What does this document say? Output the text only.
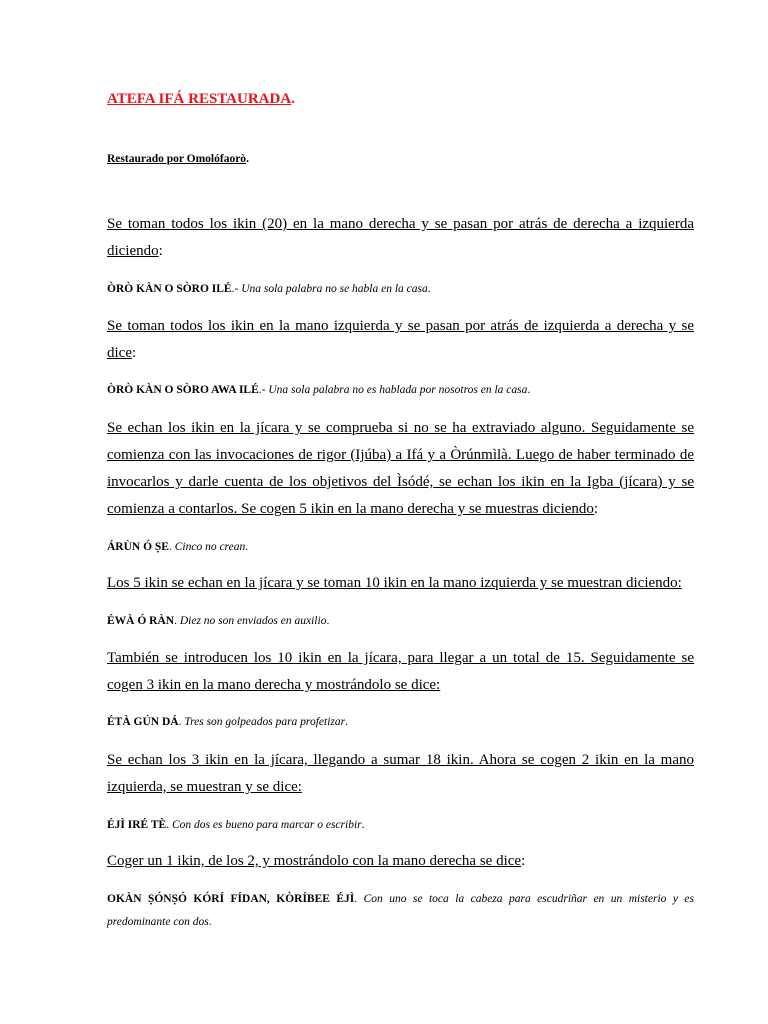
ATEFA IFÁ RESTAURADA.
Restaurado por Omolófaorò.
Se toman todos los ikin (20) en la mano derecha y se pasan por atrás de derecha a izquierda diciendo:
ÒRÒ KÀN O SÒRO ILÉ.- Una sola palabra no se habla en la casa.
Se toman todos los ikin en la mano izquierda y se pasan por atrás de izquierda a derecha y se dice:
ÒRÒ KÀN O SÒRO AWA ILÉ.- Una sola palabra no es hablada por nosotros en la casa.
Se echan los ikin en la jícara y se comprueba si no se ha extraviado alguno. Seguidamente se comienza con las invocaciones de rigor (Ijúba) a Ifá y a Òrúnmìlà. Luego de haber terminado de invocarlos y darle cuenta de los objetivos del Ìsódé, se echan los ikin en la Igba (jícara) y se comienza a contarlos. Se cogen 5 ikin en la mano derecha y se muestras diciendo:
ÁRÙN Ó ṢE. Cinco no crean.
Los 5 ikin se echan en la jícara y se toman 10 ikin en la mano izquierda y se muestran diciendo:
ÉWÀ Ó RÀN. Diez no son enviados en auxilio.
También se introducen los 10 ikin en la jícara, para llegar a un total de 15. Seguidamente se cogen 3 ikin en la mano derecha y mostrándolo se dice:
ÉTÀ GÚN DÁ. Tres son golpeados para profetizar.
Se echan los 3 ikin en la jícara, llegando a sumar 18 ikin. Ahora se cogen 2 ikin en la mano izquierda, se muestran y se dice:
ÉJÌ IRÉ TÈ. Con dos es bueno para marcar o escribir.
Coger un 1 ikin, de los 2, y mostrándolo con la mano derecha se dice:
OKÀN ṢÓNṢÓ KÓRÍ FÍDAN, KÒRÍBEE ÉJÌ. Con uno se toca la cabeza para escudriñar en un misterio y es predominante con dos.
